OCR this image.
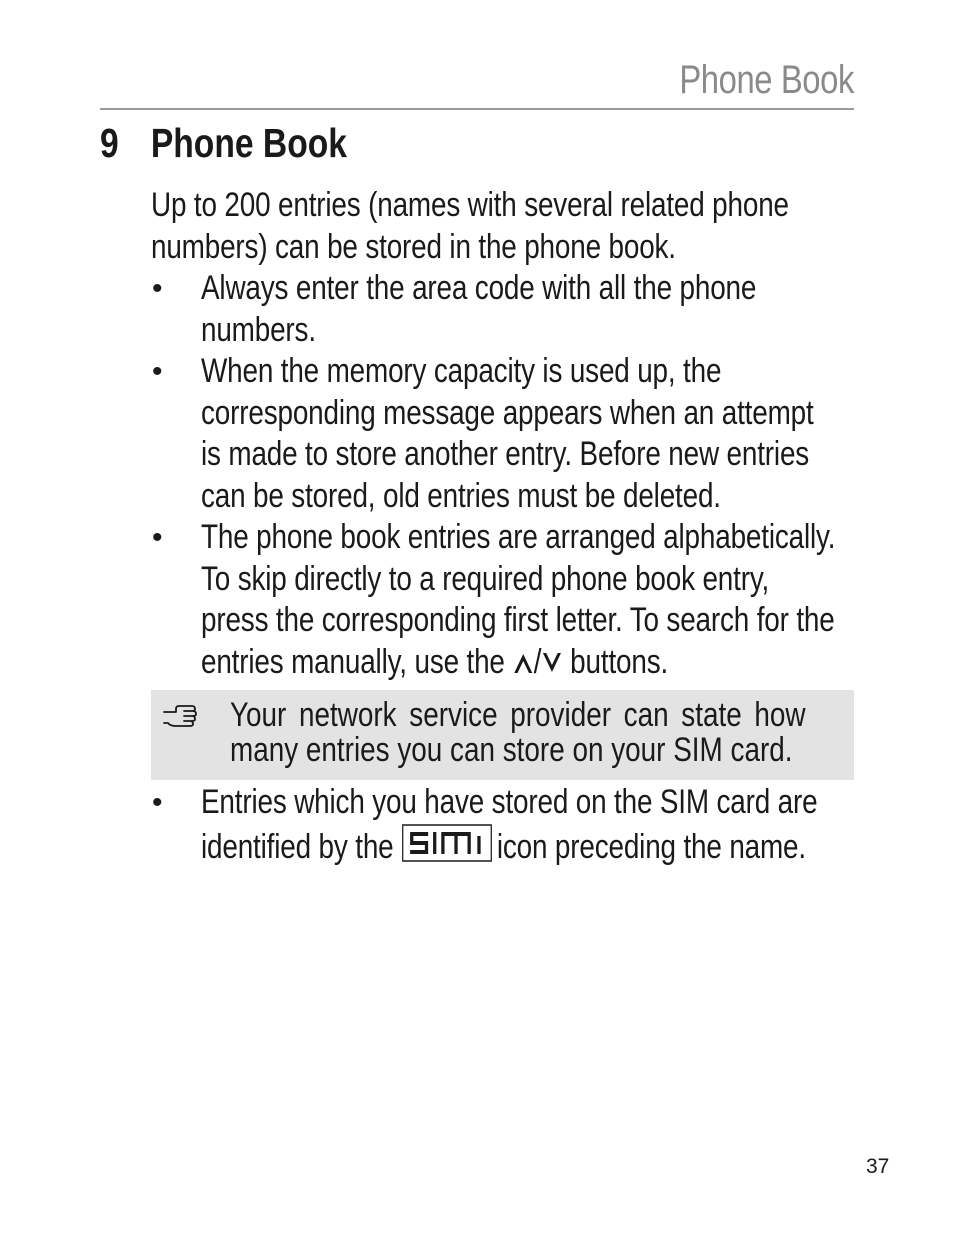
Phone Book
9 Phone Book
Up to 200 entries (names with several related phone
numbers) can be stored in the phone book.
• Always enter the area code with all the phone
numbers.
• When the memory capacity is used up, the
corresponding message appears when an attempt
is made to store another entry. Before new entries
can be stored, old entries must be deleted.
• The phone book entries are arranged alphabetically.
To skip directly to a required phone book entry,
press the corresponding first letter. To search for the
entries manually, use the / buttons.
Your network service provider can state how
many entries you can store on your SIM card.
• Entries which you have stored on the SIM card are
identified by the	icon preceding the name.
37
